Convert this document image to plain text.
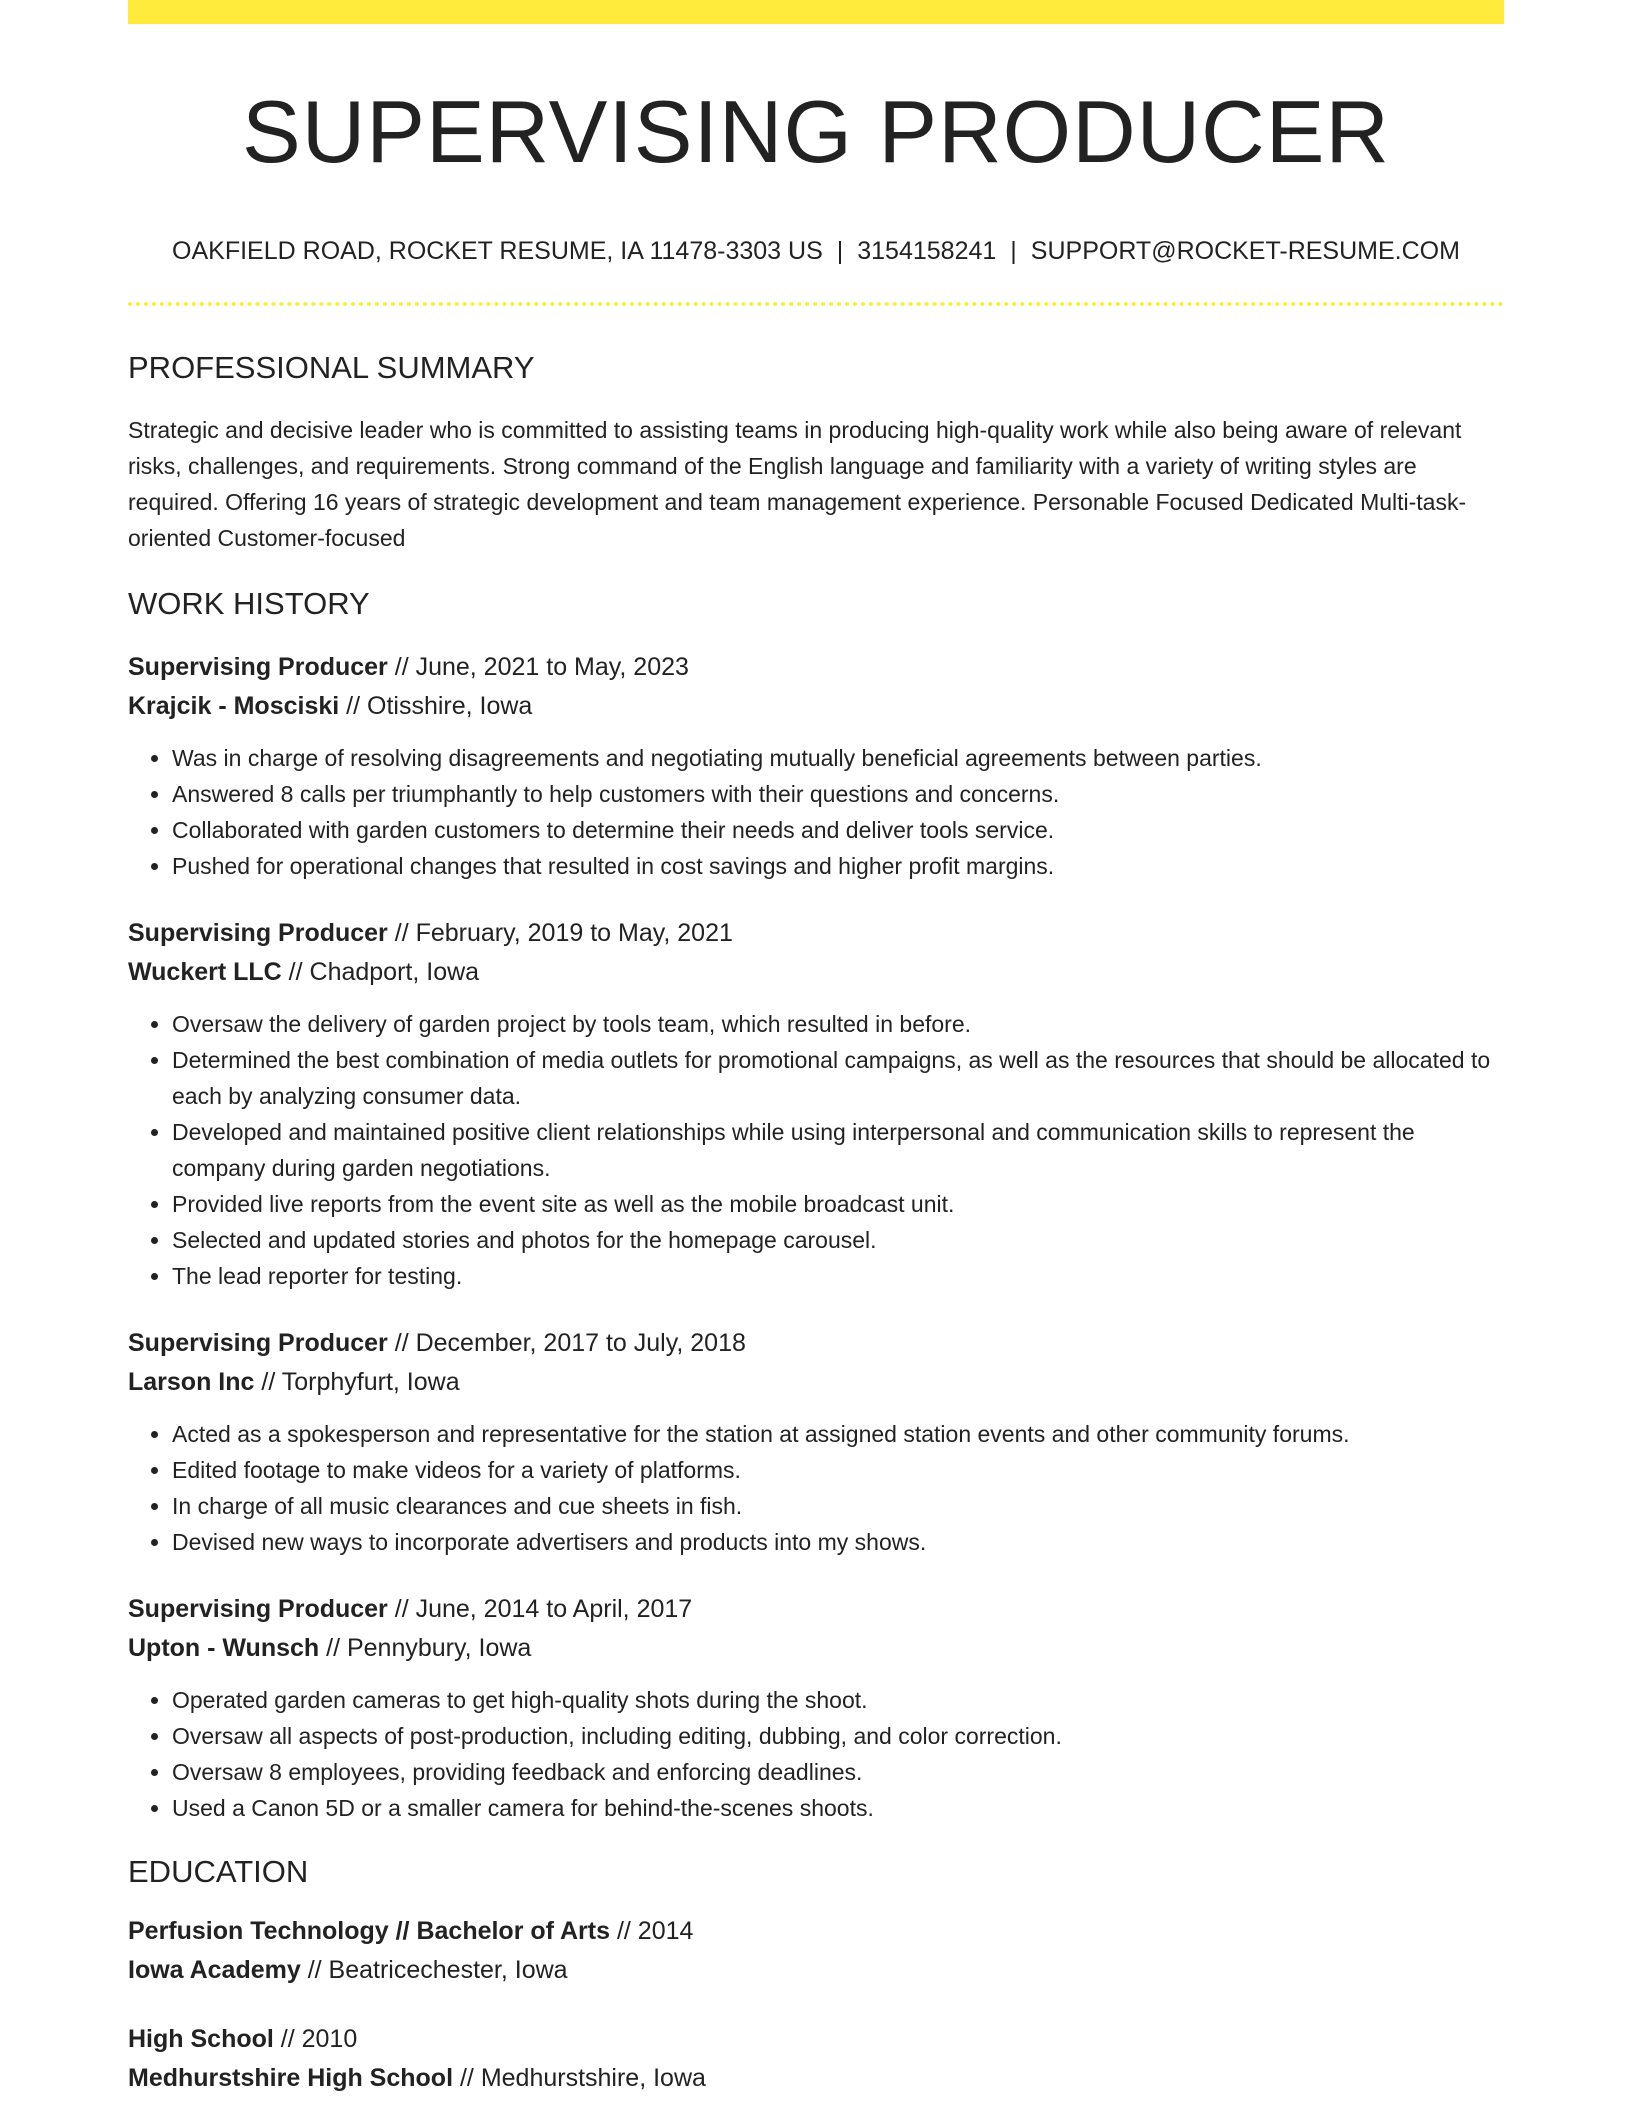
SUPERVISING PRODUCER
OAKFIELD ROAD, ROCKET RESUME, IA 11478-3303 US | 3154158241 | SUPPORT@ROCKET-RESUME.COM
PROFESSIONAL SUMMARY
Strategic and decisive leader who is committed to assisting teams in producing high-quality work while also being aware of relevant risks, challenges, and requirements. Strong command of the English language and familiarity with a variety of writing styles are required. Offering 16 years of strategic development and team management experience. Personable Focused Dedicated Multi-task-oriented Customer-focused
WORK HISTORY
Supervising Producer // June, 2021 to May, 2023
Krajcik - Mosciski // Otisshire, Iowa
• Was in charge of resolving disagreements and negotiating mutually beneficial agreements between parties.
• Answered 8 calls per triumphantly to help customers with their questions and concerns.
• Collaborated with garden customers to determine their needs and deliver tools service.
• Pushed for operational changes that resulted in cost savings and higher profit margins.
Supervising Producer // February, 2019 to May, 2021
Wuckert LLC // Chadport, Iowa
• Oversaw the delivery of garden project by tools team, which resulted in before.
• Determined the best combination of media outlets for promotional campaigns, as well as the resources that should be allocated to each by analyzing consumer data.
• Developed and maintained positive client relationships while using interpersonal and communication skills to represent the company during garden negotiations.
• Provided live reports from the event site as well as the mobile broadcast unit.
• Selected and updated stories and photos for the homepage carousel.
• The lead reporter for testing.
Supervising Producer // December, 2017 to July, 2018
Larson Inc // Torphyfurt, Iowa
• Acted as a spokesperson and representative for the station at assigned station events and other community forums.
• Edited footage to make videos for a variety of platforms.
• In charge of all music clearances and cue sheets in fish.
• Devised new ways to incorporate advertisers and products into my shows.
Supervising Producer // June, 2014 to April, 2017
Upton - Wunsch // Pennybury, Iowa
• Operated garden cameras to get high-quality shots during the shoot.
• Oversaw all aspects of post-production, including editing, dubbing, and color correction.
• Oversaw 8 employees, providing feedback and enforcing deadlines.
• Used a Canon 5D or a smaller camera for behind-the-scenes shoots.
EDUCATION
Perfusion Technology // Bachelor of Arts // 2014
Iowa Academy // Beatricechester, Iowa
High School // 2010
Medhurstshire High School // Medhurstshire, Iowa
